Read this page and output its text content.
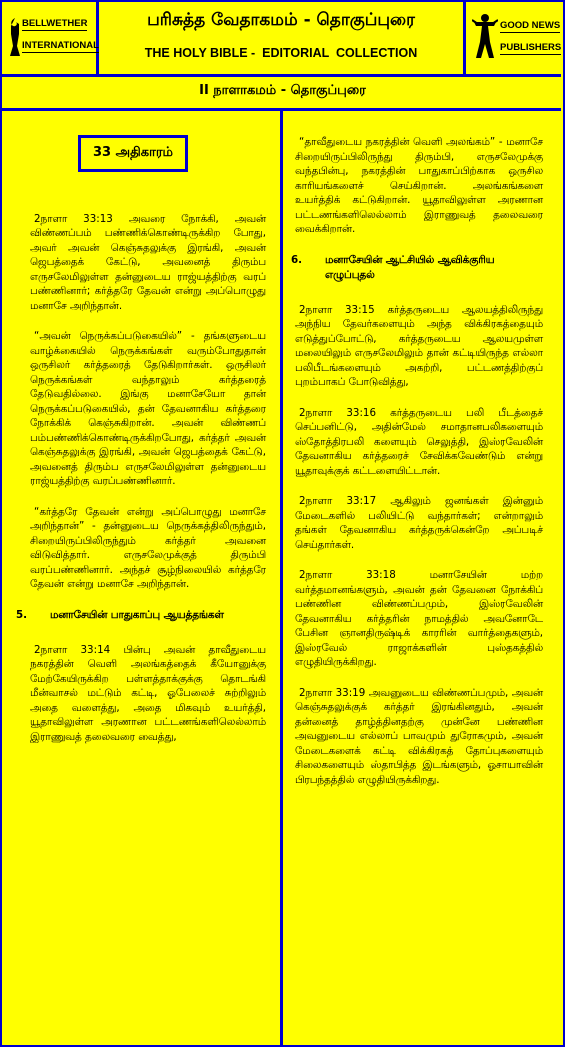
BELLWETHER
INTERNATIONAL
பரிசுத்த வேதாகமம் - தொகுப்புரை
THE HOLY BIBLE -  EDITORIAL  COLLECTION
GOOD NEWS
PUBLISHERS
II நாளாகமம் - தொகுப்புரை
33 அதிகாரம்

2நாளா 33:13 அவரை நோக்கி, அவன் விண்ணப்பம் பண்ணிக்கொண்டிருக்கிற போது, அவர் அவன் கெஞ்சுதலுக்கு இரங்கி, அவன் ஜெபத்தைக் கேட்டு, அவனைத் திரும்ப எருசலேமிலுள்ள தன்னுடைய ராஜ்யத்திற்கு வரப் பண்ணினார்; கர்த்தரே தேவன் என்று அப்பொழுது மனாசே அறிந்தான்.

“அவன் நெருக்கப்படுகையில்” - தங்களுடைய வாழ்க்கையில் நெருக்கங்கள் வரும்போதுதான் ஒருசிலர் கர்த்தரைத் தேடுகிறார்கள். ஒருசிலர் நெருக்கங்கள் வந்தாலும் கர்த்தரைத் தேடுவதில்லை. இங்கு மனாசேயோ தான் நெருக்கப்படுகையில், தன் தேவனாகிய கர்த்தரை நோக்கிக் கெஞ்சுகிறான். அவன் விண்ணப் பம்பண்ணிக்கொண்டிருக்கிறபோது, கர்த்தர் அவன் கெஞ்சுதலுக்கு இரங்கி, அவன் ஜெபத்தைக் கேட்டு, அவனைத் திரும்ப எருசலேமிலுள்ள தன்னுடைய ராஜ்யத்திற்கு வரப்பண்ணினார்.

“கர்த்தரே தேவன் என்று அப்பொழுது மனாசே அறிந்தான்” - தன்னுடைய நெருக்கத்திலிருந்தும், சிறையிருப்பிலிருந்தும் கர்த்தர் அவனை விடுவித்தார். எருசலேமுக்குத் திரும்பி வரப்பண்ணினார். அந்தச் சூழ்நிலையில் கர்த்தரே தேவன் என்று மனாசே அறிந்தான்.

5.	மனாசேயின் பாதுகாப்பு ஆயத்தங்கள்

2நாளா 33:14 பின்பு அவன் தாவீதுடைய நகரத்தின் வெளி அலங்கத்தைக் கீயோனுக்கு மேற்கேயிருக்கிற பள்ளத்தாக்குக்கு தொடங்கி மீன்வாசல் மட்டும் கட்டி, ஓபேலைச் சுற்றிலும் அதை வளைத்து, அதை மிகவும் உயர்த்தி, யூதாவிலுள்ள அரணான பட்டணங்களிலெல்லாம் இராணுவத் தலைவரை வைத்து,

“தாவீதுடைய நகரத்தின் வெளி அலங்கம்” - மனாசே சிறையிருப்பிலிருந்து திரும்பி, எருசலேமுக்கு வந்தபின்பு, நகரத்தின் பாதுகாப்பிற்காக ஒருசில காரியங்களைச் செய்கிறான். அலங்கங்களை உயர்த்திக் கட்டுகிறான். யூதாவிலுள்ள அரணான பட்டணங்களிலெல்லாம் இராணுவத் தலைவரை வைக்கிறான்.

6.	மனாசேயின் ஆட்சியில் ஆவிக்குரிய எழுப்புதல்

2நாளா 33:15 கர்த்தருடைய ஆலயத்திலிருந்து அந்நிய தேவர்களையும் அந்த விக்கிரகத்தையும் எடுத்துப்போட்டு, கர்த்தருடைய ஆலயமுள்ள மலையிலும் எருசலேமிலும் தான் கட்டியிருந்த எல்லா பலிபீடங்களையும் அகற்றி, பட்டணத்திற்குப் புறம்பாகப் போடுவித்து,

2நாளா 33:16 கர்த்தருடைய பலி பீடத்தைச் செப்பனிட்டு, அதின்மேல் சமாதானபலிகளையும் ஸ்தோத்திரபலி களையும் செலுத்தி, இஸ்ரவேலின் தேவனாகிய கர்த்தரைச் சேவிக்கவேண்டும் என்று யூதாவுக்குக் கட்டளையிட்டான்.

2நாளா 33:17 ஆகிலும் ஜனங்கள் இன்னும் மேடைகளில் பலியிட்டு வந்தார்கள்; என்றாலும் தங்கள் தேவனாகிய கர்த்தருக்கென்றே அப்படிச் செய்தார்கள்.

2நாளா 33:18	மனாசேயின் மற்ற வர்த்தமானங்களும், அவன் தன் தேவனை நோக்கிப் பண்ணின விண்ணப்பமும், இஸ்ரவேலின் தேவனாகிய கர்த்தரின் நாமத்தில் அவனோடே பேசின ஞானதிருஷ்டிக் காரரின் வார்த்தைகளும், இஸ்ரவேல் ராஜாக்களின் புஸ்தகத்தில் எழுதியிருக்கிறது.

2நாளா 33:19 அவனுடைய விண்ணப்பமும், அவன் கெஞ்சுதலுக்குக் கர்த்தர் இரங்கினதும், அவன் தன்னைத் தாழ்த்தினதற்கு முன்னே பண்ணின அவனுடைய எல்லாப் பாவமும் துரோகமும், அவன் மேடைகளைக் கட்டி விக்கிரகத் தோப்புகளையும் சிலைகளையும் ஸ்தாபித்த இடங்களும், ஓசாயாவின் பிரபந்தத்தில் எழுதியிருக்கிறது.
